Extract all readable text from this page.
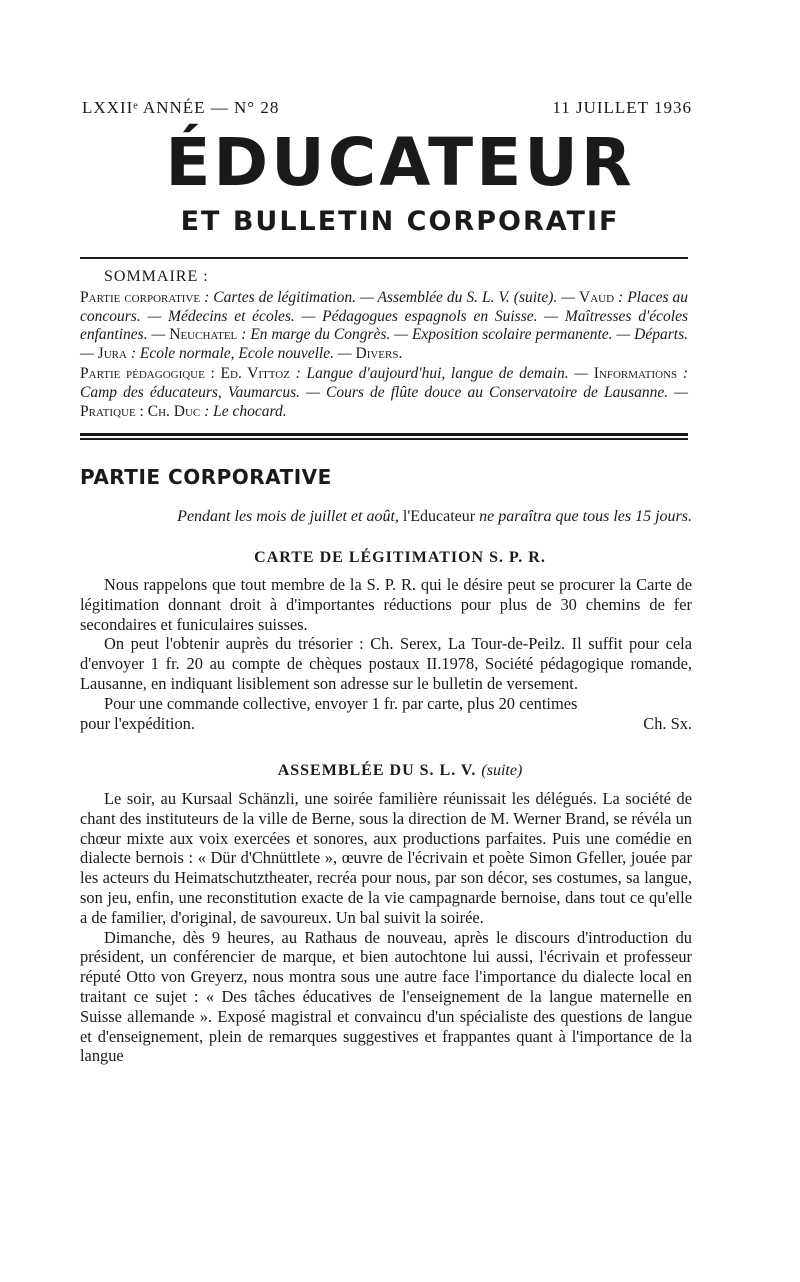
LXXIIᵉ ANNÉE — N° 28	11 JUILLET 1936
ÉDUCATEUR
ET BULLETIN CORPORATIF
SOMMAIRE :

Partie corporative : Cartes de légitimation. — Assemblée du S. L. V. (suite). — Vaud : Places au concours. — Médecins et écoles. — Pédagogues espagnols en Suisse. — Maîtresses d'écoles enfantines. — Neuchatel : En marge du Congrès. — Exposition scolaire permanente. — Départs. — Jura : Ecole normale, Ecole nouvelle. — Divers.

Partie pédagogique : Ed. Vittoz : Langue d'aujourd'hui, langue de demain. — Informations : Camp des éducateurs, Vaumarcus. — Cours de flûte douce au Conservatoire de Lausanne. — Pratique : Ch. Duc : Le chocard.

PARTIE CORPORATIVE
Pendant les mois de juillet et août, l'Educateur ne paraîtra que tous les 15 jours.
CARTE DE LÉGITIMATION S. P. R.

Nous rappelons que tout membre de la S. P. R. qui le désire peut se procurer la Carte de légitimation donnant droit à d'importantes réductions pour plus de 30 chemins de fer secondaires et funiculaires suisses.

On peut l'obtenir auprès du trésorier : Ch. Serex, La Tour-de-Peilz. Il suffit pour cela d'envoyer 1 fr. 20 au compte de chèques postaux II.1978, Société pédagogique romande, Lausanne, en indiquant lisiblement son adresse sur le bulletin de versement.

Pour une commande collective, envoyer 1 fr. par carte, plus 20 centimes

pour l'expédition.	Ch. Sx.
ASSEMBLÉE DU S. L. V. (suite)

Le soir, au Kursaal Schänzli, une soirée familière réunissait les délégués. La société de chant des instituteurs de la ville de Berne, sous la direction de M. Werner Brand, se révéla un chœur mixte aux voix exercées et sonores, aux productions parfaites. Puis une comédie en dialecte bernois : « Dür d'Chnüttlete », œuvre de l'écrivain et poète Simon Gfeller, jouée par les acteurs du Heimatschutztheater, recréa pour nous, par son décor, ses costumes, sa langue, son jeu, enfin, une reconstitution exacte de la vie campagnarde bernoise, dans tout ce qu'elle a de familier, d'original, de savoureux. Un bal suivit la soirée.

Dimanche, dès 9 heures, au Rathaus de nouveau, après le discours d'introduction du président, un conférencier de marque, et bien autochtone lui aussi, l'écrivain et professeur réputé Otto von Greyerz, nous montra sous une autre face l'importance du dialecte local en traitant ce sujet : « Des tâches éducatives de l'enseignement de la langue maternelle en Suisse allemande ». Exposé magistral et convaincu d'un spécialiste des questions de langue et d'enseignement, plein de remarques suggestives et frappantes quant à l'importance de la langue
